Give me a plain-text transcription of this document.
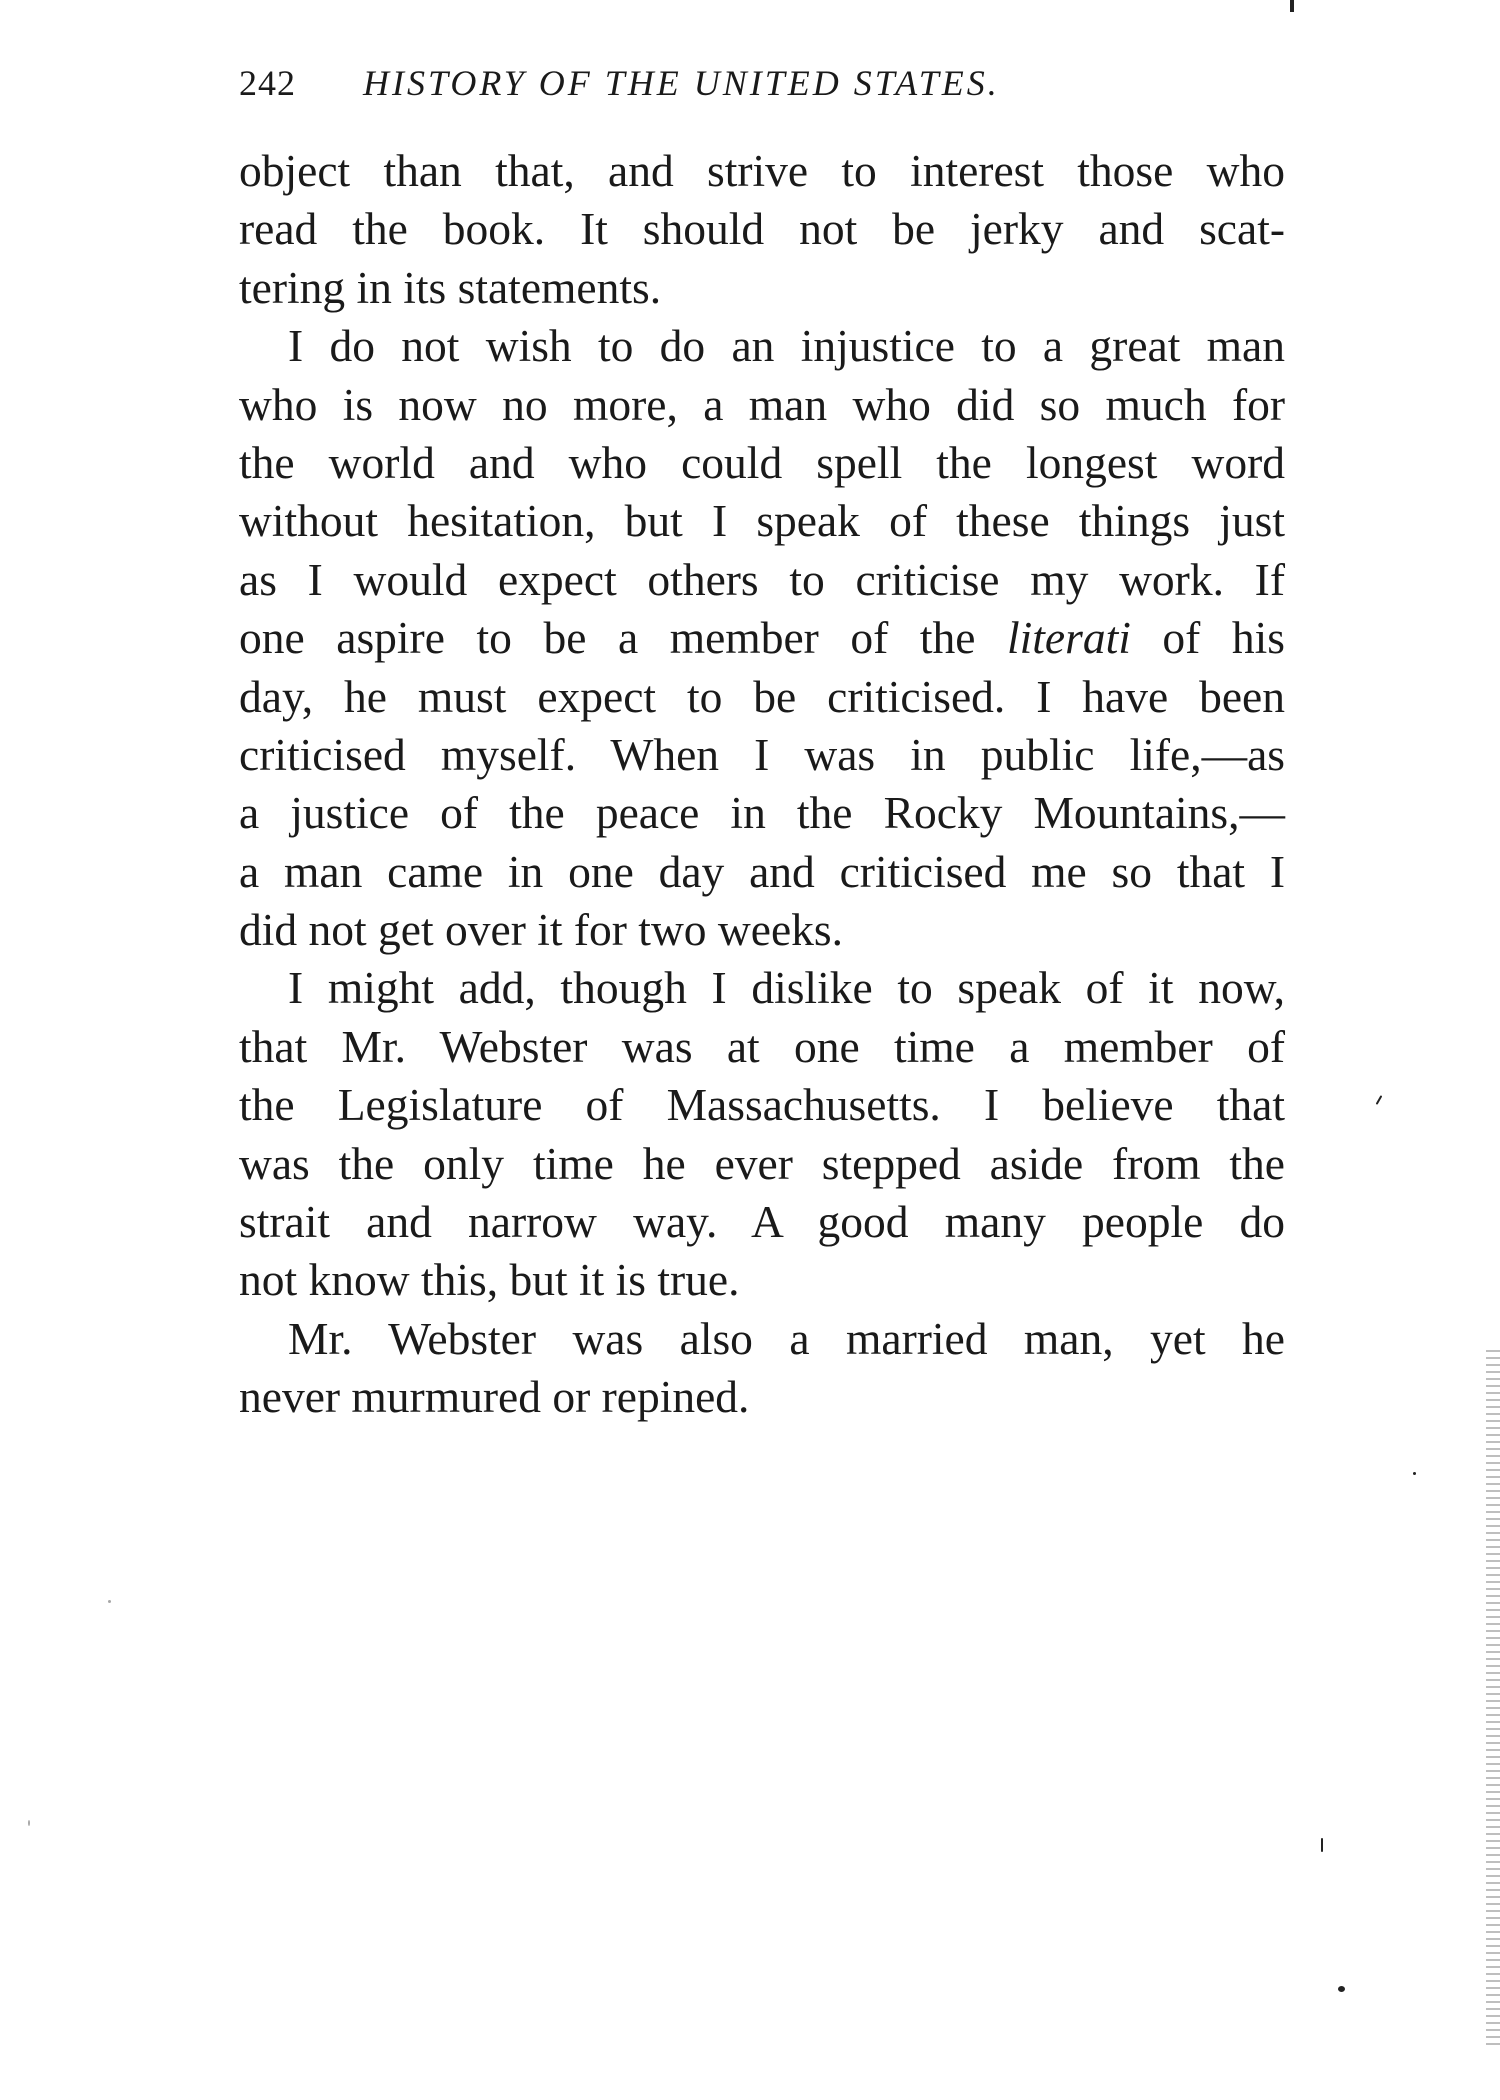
242 HISTORY OF THE UNITED STATES.
object than that, and strive to interest those who
read the book. It should not be jerky and scat-
tering in its statements.
I do not wish to do an injustice to a great man
who is now no more, a man who did so much for
the world and who could spell the longest word
without hesitation, but I speak of these things just
as I would expect others to criticise my work. If
one aspire to be a member of the literati of his
day, he must expect to be criticised. I have been
criticised myself. When I was in public life,—as
a justice of the peace in the Rocky Mountains,—
a man came in one day and criticised me so that I
did not get over it for two weeks.
I might add, though I dislike to speak of it now,
that Mr. Webster was at one time a member of
the Legislature of Massachusetts. I believe that
was the only time he ever stepped aside from the
strait and narrow way. A good many people do
not know this, but it is true.
Mr. Webster was also a married man, yet he
never murmured or repined.
